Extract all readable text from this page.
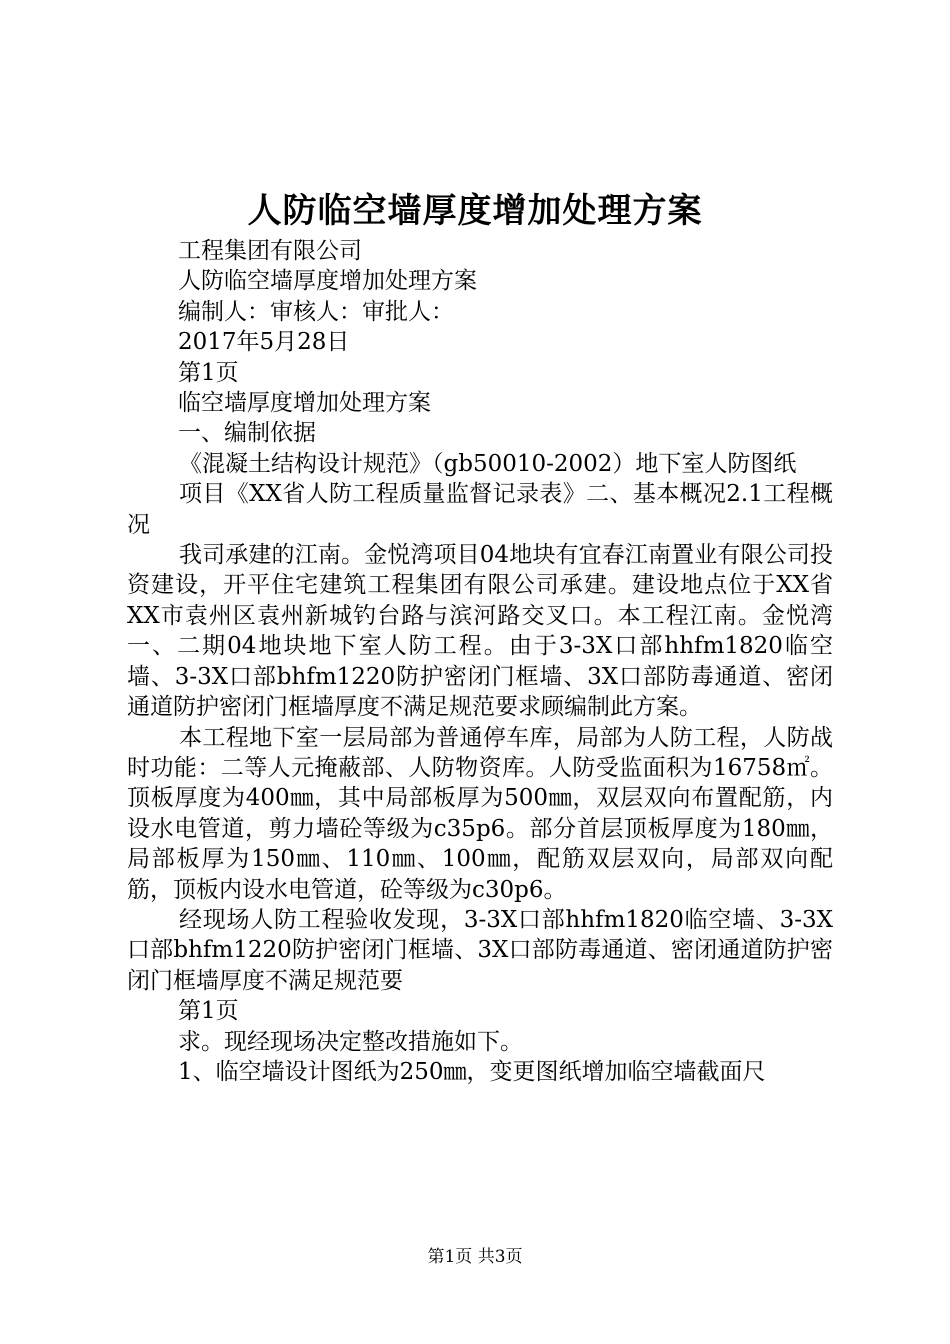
人防临空墙厚度增加处理方案

工程集团有限公司

人防临空墙厚度增加处理方案

编制人：审核人：审批人：

2017年5月28日

第1页

临空墙厚度增加处理方案

一、编制依据

《混凝土结构设计规范》（gb50010-2002）地下室人防图纸

项目《XX省人防工程质量监督记录表》二、基本概况2.1工程概况

我司承建的江南。金悦湾项目04地块有宜春江南置业有限公司投资建设，开平住宅建筑工程集团有限公司承建。建设地点位于XX省XX市袁州区袁州新城钓台路与滨河路交叉口。本工程江南。金悦湾一、二期04地块地下室人防工程。由于3-3X口部hhfm1820临空墙、3-3X口部bhfm1220防护密闭门框墙、3X口部防毒通道、密闭通道防护密闭门框墙厚度不满足规范要求顾编制此方案。

本工程地下室一层局部为普通停车库，局部为人防工程，人防战时功能：二等人元掩蔽部、人防物资库。人防受监面积为16758㎡。顶板厚度为400㎜，其中局部板厚为500㎜，双层双向布置配筋，内设水电管道，剪力墙砼等级为c35p6。部分首层顶板厚度为180㎜，局部板厚为150㎜、110㎜、100㎜，配筋双层双向，局部双向配筋，顶板内设水电管道，砼等级为c30p6。

经现场人防工程验收发现，3-3X口部hhfm1820临空墙、3-3X口部bhfm1220防护密闭门框墙、3X口部防毒通道、密闭通道防护密闭门框墙厚度不满足规范要

第1页

求。现经现场决定整改措施如下。

1、临空墙设计图纸为250㎜，变更图纸增加临空墙截面尺

第1页 共3页
